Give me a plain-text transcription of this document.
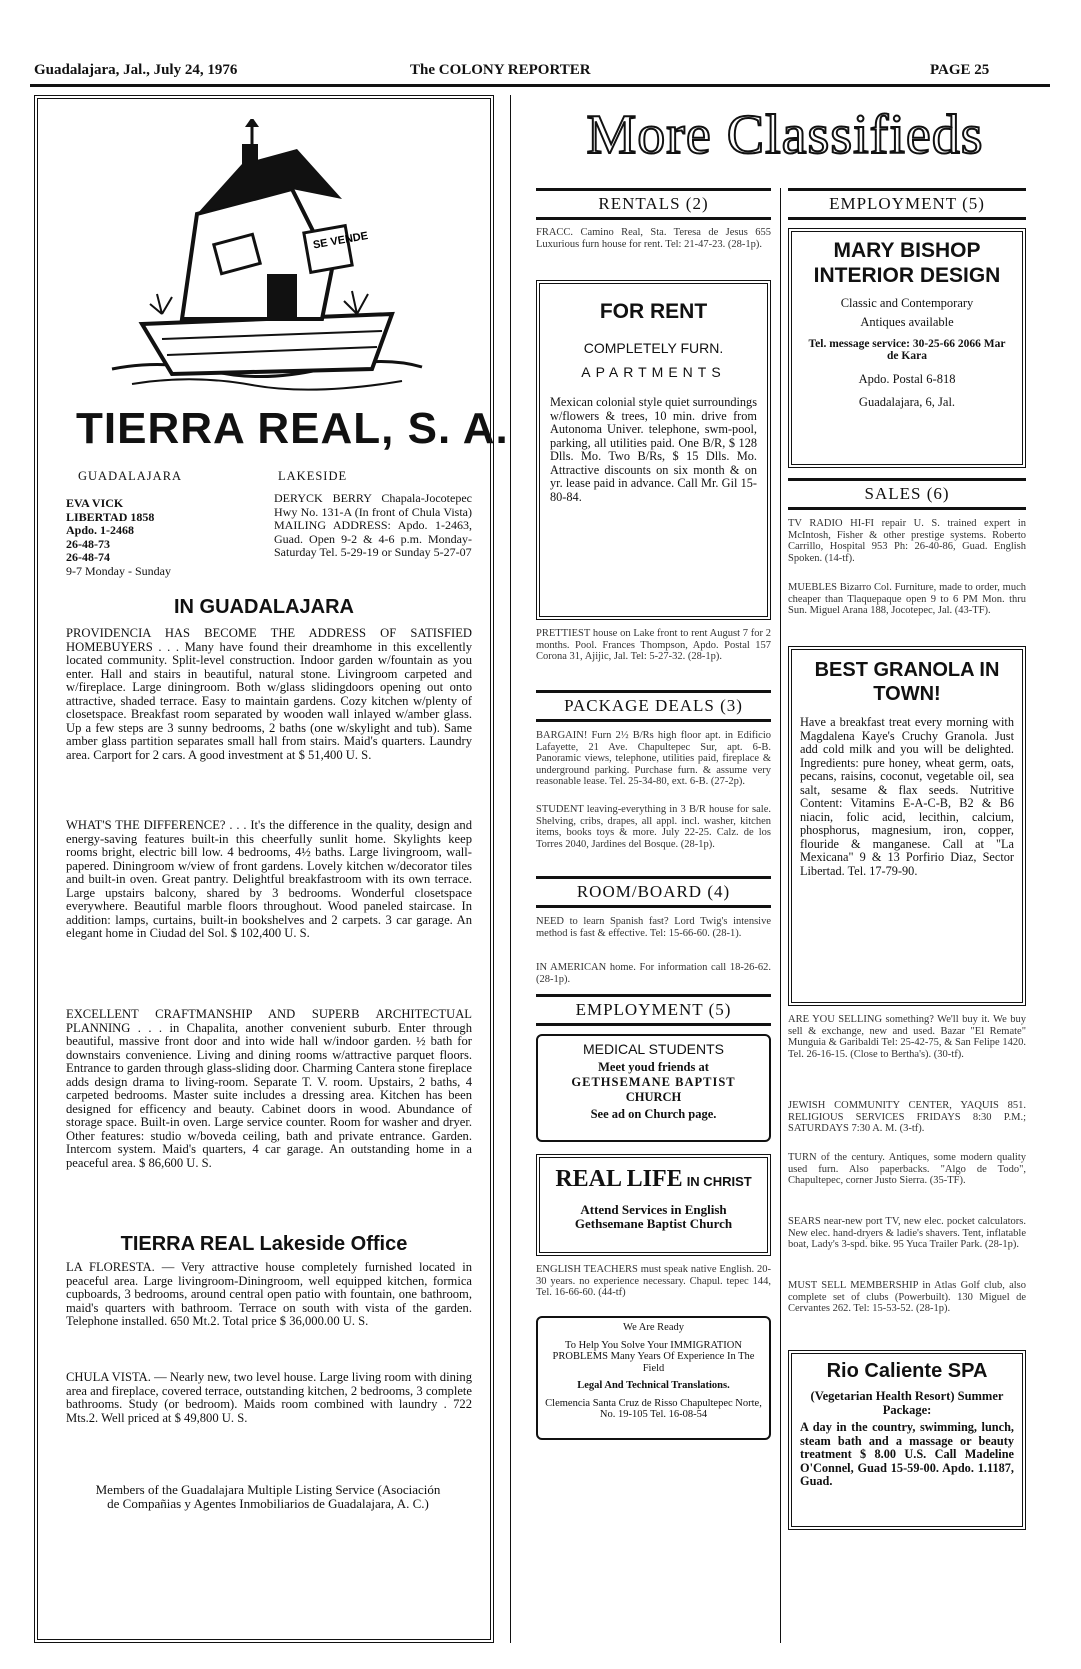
Guadalajara, Jal., July 24, 1976	The COLONY REPORTER	PAGE 25
SE VENDE
TIERRA REAL, S. A.
GUADALAJARA	LAKESIDE
EVA VICK
LIBERTAD 1858
Apdo. 1-2468
26-48-73
26-48-74
9-7 Monday - Sunday
DERYCK BERRY Chapala-Jocotepec Hwy No. 131-A (In front of Chula Vista) MAILING ADDRESS: Apdo. 1-2463, Guad. Open 9-2 & 4-6 p.m. Monday-Saturday Tel. 5-29-19 or Sunday 5-27-07
IN GUADALAJARA

PROVIDENCIA HAS BECOME THE ADDRESS OF SATISFIED HOMEBUYERS . . . Many have found their dreamhome in this excellently located community. Split-level construction. Indoor garden w/fountain as you enter. Hall and stairs in beautiful, natural stone. Livingroom carpeted and w/fireplace. Large diningroom. Both w/glass slidingdoors opening out onto attractive, shaded terrace. Easy to maintain gardens. Cozy kitchen w/plenty of closetspace. Breakfast room separated by wooden wall inlayed w/amber glass. Up a few steps are 3 sunny bedrooms, 2 baths (one w/skylight and tub). Same amber glass partition separates small hall from stairs. Maid's quarters. Laundry area. Carport for 2 cars. A good investment at $ 51,400 U. S.

WHAT'S THE DIFFERENCE? . . . It's the difference in the quality, design and energy-saving features built-in this cheerfully sunlit home. Skylights keep rooms bright, electric bill low. 4 bedrooms, 4½ baths. Large livingroom, wall-papered. Diningroom w/view of front gardens. Lovely kitchen w/decorator tiles and built-in oven. Great pantry. Delightful breakfastroom with its own terrace. Large upstairs balcony, shared by 3 bedrooms. Wonderful closetspace everywhere. Beautiful marble floors throughout. Wood paneled staircase. In addition: lamps, curtains, built-in bookshelves and 2 carpets. 3 car garage. An elegant home in Ciudad del Sol. $ 102,400 U. S.

EXCELLENT CRAFTMANSHIP AND SUPERB ARCHITECTUAL PLANNING . . . in Chapalita, another convenient suburb. Enter through beautiful, massive front door and into wide hall w/indoor garden. ½ bath for downstairs convenience. Living and dining rooms w/attractive parquet floors. Entrance to garden through glass-sliding door. Charming Cantera stone fireplace adds design drama to living-room. Separate T. V. room. Upstairs, 2 baths, 4 carpeted bedrooms. Master suite includes a dressing area. Kitchen has been designed for efficency and beauty. Cabinet doors in wood. Abundance of storage space. Built-in oven. Large service counter. Room for washer and dryer. Other features: studio w/boveda ceiling, bath and private entrance. Garden. Intercom system. Maid's quarters, 4 car garage. An outstanding home in a peaceful area. $ 86,600 U. S.

TIERRA REAL Lakeside Office

LA FLORESTA. — Very attractive house completely furnished located in peaceful area. Large livingroom-Diningroom, well equipped kitchen, formica cupboards, 3 bedrooms, around central open patio with fountain, one bathroom, maid's quarters with bathroom. Terrace on south with vista of the garden. Telephone installed. 650 Mt.2. Total price $ 36,000.00 U. S.

CHULA VISTA. — Nearly new, two level house. Large living room with dining area and fireplace, covered terrace, outstanding kitchen, 2 bedrooms, 3 complete bathrooms. Study (or bedroom). Maids room combined with laundry . 722 Mts.2. Well priced at $ 49,800 U. S.

Members of the Guadalajara Multiple Listing Service (Asociación de Compañias y Agentes Inmobiliarios de Guadalajara, A. C.)
More Classifieds
RENTALS (2)

FRACC. Camino Real, Sta. Teresa de Jesus 655 Luxurious furn house for rent. Tel: 21-47-23. (28-1p).

FOR RENT
COMPLETELY FURN.
APARTMENTS

Mexican colonial style quiet surroundings w/flowers & trees, 10 min. drive from Autonoma Univer. telephone, swm-pool, parking, all utilities paid. One B/R, $ 128 Dlls. Mo. Two B/Rs, $ 15 Dlls. Mo. Attractive discounts on six month & on yr. lease paid in advance. Call Mr. Gil 15-80-84.

PRETTIEST house on Lake front to rent August 7 for 2 months. Pool. Frances Thompson, Apdo. Postal 157 Corona 31, Ajijic, Jal. Tel: 5-27-32. (28-1p).

PACKAGE DEALS (3)

BARGAIN! Furn 2½ B/Rs high floor apt. in Edificio Lafayette, 21 Ave. Chapultepec Sur, apt. 6-B. Panoramic views, telephone, utilities paid, fireplace & underground parking. Purchase furn. & assume very reasonable lease. Tel. 25-34-80, ext. 6-B. (27-2p).

STUDENT leaving-everything in 3 B/R house for sale. Shelving, cribs, drapes, all appl. incl. washer, kitchen items, books toys & more. July 22-25. Calz. de los Torres 2040, Jardines del Bosque. (28-1p).

ROOM/BOARD (4)

NEED to learn Spanish fast? Lord Twig's intensive method is fast & effective. Tel: 15-66-60. (28-1).

IN AMERICAN home. For information call 18-26-62. (28-1p).

EMPLOYMENT (5)
MEDICAL STUDENTS
Meet youd friends at
GETHSEMANE BAPTIST
CHURCH
See ad on Church page.
REAL LIFE IN CHRIST
Attend Services in English Gethsemane Baptist Church

ENGLISH TEACHERS must speak native English. 20-30 years. no experience necessary. Chapul. tepec 144, Tel. 16-66-60. (44-tf)

We Are Ready
To Help You Solve Your IMMIGRATION PROBLEMS Many Years Of Experience In The Field
Legal And Technical Translations.
Clemencia Santa Cruz de Risso Chapultepec Norte, No. 19-105 Tel. 16-08-54
EMPLOYMENT (5)
MARY BISHOP INTERIOR DESIGN
Classic and Contemporary
Antiques available
Tel. message service: 30-25-66 2066 Mar de Kara
Apdo. Postal 6-818
Guadalajara, 6, Jal.
SALES (6)

TV RADIO HI-FI repair U. S. trained expert in McIntosh, Fisher & other prestige systems. Roberto Carrillo, Hospital 953 Ph: 26-40-86, Guad. English Spoken. (14-tf).

MUEBLES Bizarro Col. Furniture, made to order, much cheaper than Tlaquepaque open 9 to 6 PM Mon. thru Sun. Miguel Arana 188, Jocotepec, Jal. (43-TF).

BEST GRANOLA IN TOWN!

Have a breakfast treat every morning with Magdalena Kaye's Cruchy Granola. Just add cold milk and you will be delighted. Ingredients: pure honey, wheat germ, oats, pecans, raisins, coconut, vegetable oil, sea salt, sesame & flax seeds. Nutritive Content: Vitamins E-A-C-B, B2 & B6 niacin, folic acid, lecithin, calcium, phosphorus, magnesium, iron, copper, flouride & manganese. Call at "La Mexicana" 9 & 13 Porfirio Diaz, Sector Libertad. Tel. 17-79-90.

ARE YOU SELLING something? We'll buy it. We buy sell & exchange, new and used. Bazar "El Remate" Munguia & Garibaldi Tel: 25-42-75, & San Felipe 1420. Tel. 26-16-15. (Close to Bertha's). (30-tf).

JEWISH COMMUNITY CENTER, YAQUIS 851. RELIGIOUS SERVICES FRIDAYS 8:30 P.M.; SATURDAYS 7:30 A. M. (3-tf).

TURN of the century. Antiques, some modern quality used furn. Also paperbacks. "Algo de Todo", Chapultepec, corner Justo Sierra. (35-TF).

SEARS near-new port TV, new elec. pocket calculators. New elec. hand-dryers & ladie's shavers. Tent, inflatable boat, Lady's 3-spd. bike. 95 Yuca Trailer Park. (28-1p).

MUST SELL MEMBERSHIP in Atlas Golf club, also complete set of clubs (Powerbuilt). 130 Miguel de Cervantes 262. Tel: 15-53-52. (28-1p).

Rio Caliente SPA
(Vegetarian Health Resort) Summer Package:

A day in the country, swimming, lunch, steam bath and a massage or beauty treatment $ 8.00 U.S. Call Madeline O'Connel, Guad 15-59-00. Apdo. 1.1187, Guad.
